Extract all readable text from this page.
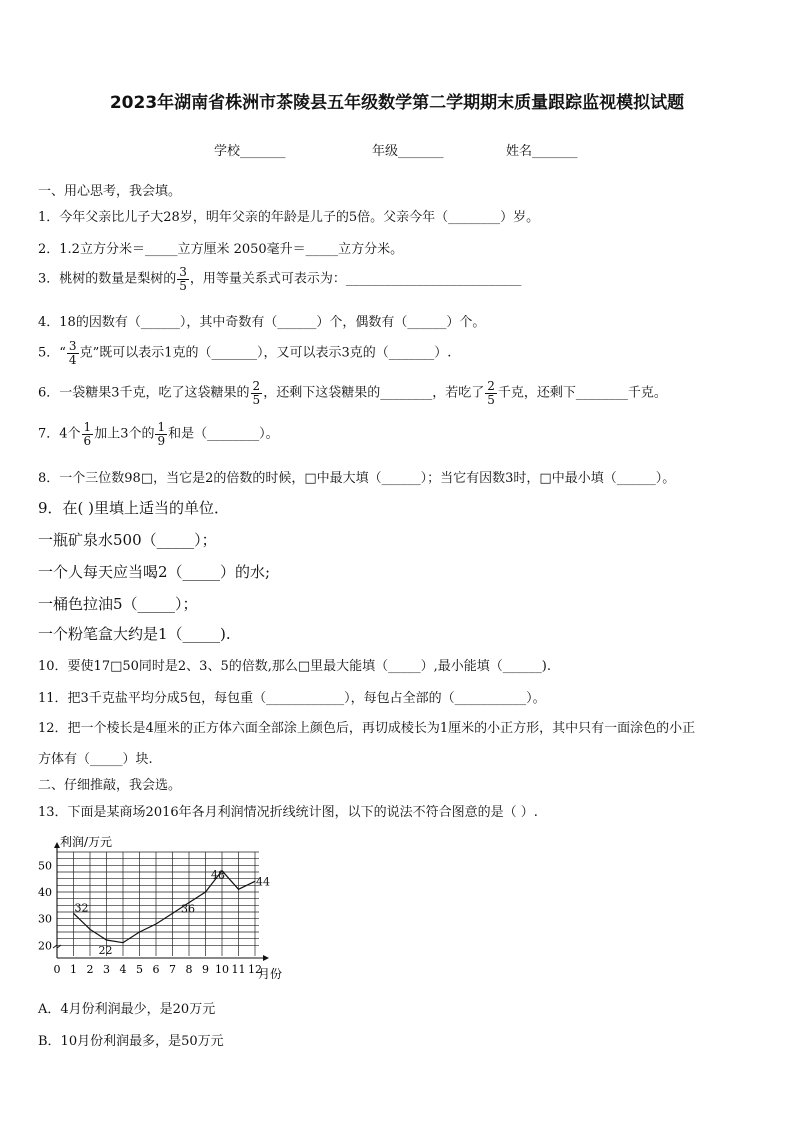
2023年湖南省株洲市茶陵县五年级数学第二学期期末质量跟踪监视模拟试题
学校_______	年级_______	姓名_______
一、用心思考，我会填。
1．今年父亲比儿子大28岁，明年父亲的年龄是儿子的5倍。父亲今年（________）岁。
2．1.2立方分米＝_____立方厘米 2050毫升＝_____立方分米。
3．桃树的数量是梨树的 $\frac{3}{5}$ ，用等量关系式可表示为：___________________________
4．18的因数有（______），其中奇数有（______）个，偶数有（______）个。
5．“ $\frac{3}{4}$ 克”既可以表示1克的（_______），又可以表示3克的（_______）.
6．一袋糖果3千克，吃了这袋糖果的 $\frac{2}{5}$ ，还剩下这袋糖果的________，若吃了 $\frac{2}{5}$ 千克，还剩下________千克。
7．4个 $\frac{1}{6}$ 加上3个的 $\frac{1}{9}$ 和是（________）。
8．一个三位数98□，当它是2的倍数的时候，□中最大填（______）；当它有因数3时，□中最小填（______）。
9．在( )里填上适当的单位．
一瓶矿泉水500（_____）；
一个人每天应当喝2（_____）的水;
一桶色拉油5（_____）；
一个粉笔盒大约是1（_____).
10．要使17□50同时是2、3、5的倍数,那么□里最大能填（_____）,最小能填（______).
11．把3千克盐平均分成5包，每包重（____________），每包占全部的（___________）。
12．把一个棱长是4厘米的正方体六面全部涂上颜色后，再切成棱长为1厘米的小正方形，其中只有一面涂色的小正
方体有（_____）块.
二、仔细推敲，我会选。
13．下面是某商场2016年各月利润情况折线统计图，以下的说法不符合图意的是（ ）.
0 1 2 3 4 5 6 7 8 9 10 11 12
20
30
40
50
32
22
36
48
44
利润/万元
月份
A．4月份利润最少，是20万元
B．10月份利润最多，是50万元
